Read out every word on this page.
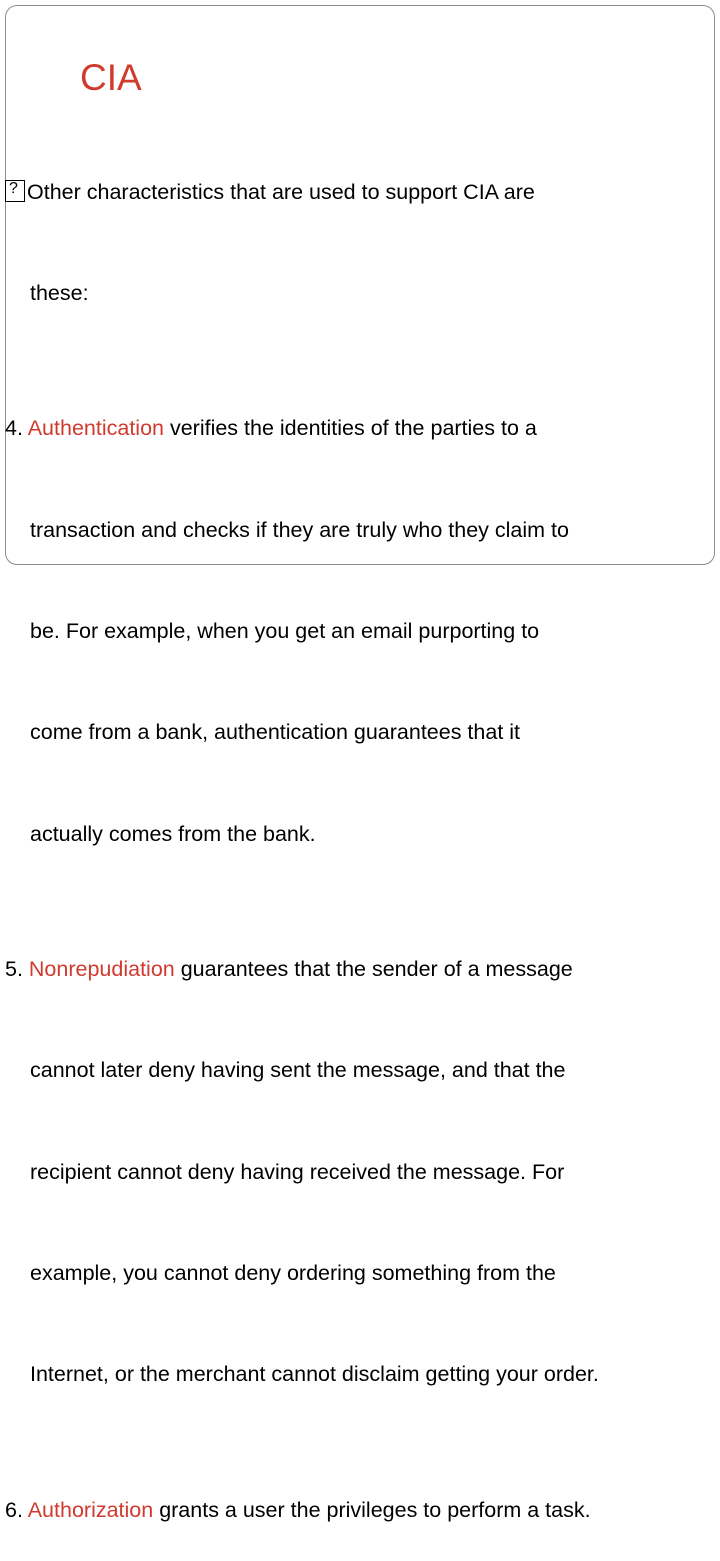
CIA

?Other characteristics that are used to support CIA are

these:

4. Authentication verifies the identities of the parties to a

transaction and checks if they are truly who they claim to

be. For example, when you get an email purporting to

come from a bank, authentication guarantees that it

actually comes from the bank.

5. Nonrepudiation guarantees that the sender of a message

cannot later deny having sent the message, and that the

recipient cannot deny having received the message. For

example, you cannot deny ordering something from the

Internet, or the merchant cannot disclaim getting your order.

6. Authorization grants a user the privileges to perform a task.
